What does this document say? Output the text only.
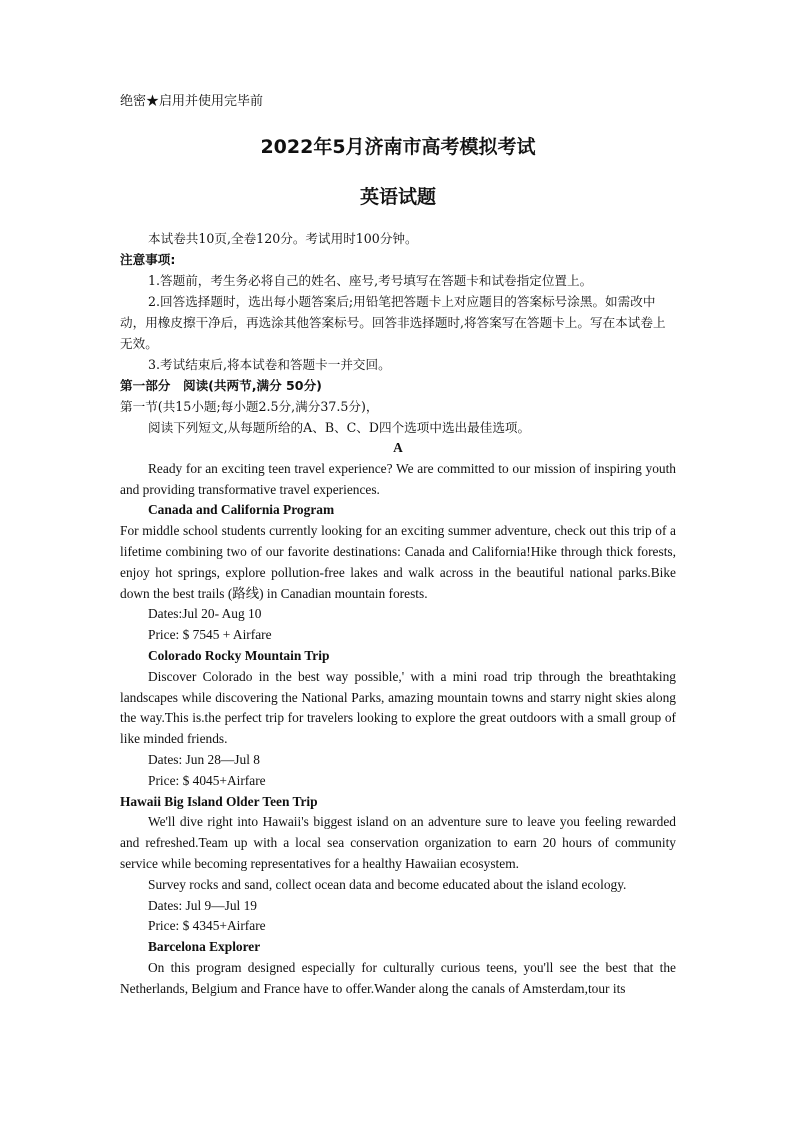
绝密★启用并使用完毕前
2022年5月济南市高考模拟考试
英语试题

本试卷共10页,全卷120分。考试用时100分钟。

注意事项:

1.答题前，考生务必将自己的姓名、座号,考号填写在答题卡和试卷指定位置上。

2.回答选择题时，选出每小题答案后;用铅笔把答题卡上对应题目的答案标号涂黑。如需改中动，用橡皮擦干净后，再选涂其他答案标号。回答非选择题时,将答案写在答题卡上。写在本试卷上无效。

3.考试结束后,将本试卷和答题卡一并交回。

第一部分　阅读(共两节,满分 50分)

第一节(共15小题;每小题2.5分,满分37.5分)，

阅读下列短文,从每题所给的A、B、C、D四个选项中选出最佳选项。

A

Ready for an exciting teen travel experience? We are committed to our mission of inspiring youth and providing transformative travel experiences.

Canada and California Program

For middle school students currently looking for an exciting summer adventure, check out this trip of a lifetime combining two of our favorite destinations: Canada and California!Hike through thick forests, enjoy hot springs, explore pollution-free lakes and walk across in the beautiful national parks.Bike down the best trails (路线) in Canadian mountain forests.

Dates:Jul 20- Aug 10

Price: $ 7545 + Airfare

Colorado Rocky Mountain Trip

Discover Colorado in the best way possible,' with a mini road trip through the breathtaking landscapes while discovering the National Parks, amazing mountain towns and starry night skies along the way.This is.the perfect trip for travelers looking to explore the great outdoors with a small group of like minded friends.

Dates: Jun 28—Jul 8

Price: $ 4045+Airfare

Hawaii Big Island Older Teen Trip

We'll dive right into Hawaii's biggest island on an adventure sure to leave you feeling rewarded and refreshed.Team up with a local sea conservation organization to earn 20 hours of community service while becoming representatives for a healthy Hawaiian ecosystem.

Survey rocks and sand, collect ocean data and become educated about the island ecology.

Dates: Jul 9—Jul 19

Price: $ 4345+Airfare

Barcelona Explorer

On this program designed especially for culturally curious teens, you'll see the best that the Netherlands, Belgium and France have to offer.Wander along the canals of Amsterdam,tour its
